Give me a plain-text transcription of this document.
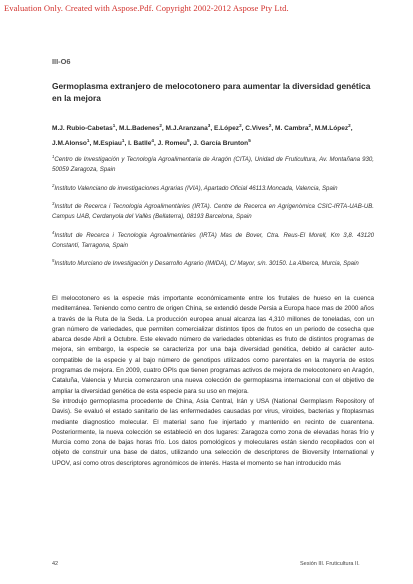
Evaluation Only. Created with Aspose.Pdf. Copyright 2002-2012 Aspose Pty Ltd.
III-O6
Germoplasma extranjero de melocotonero para aumentar la diversidad genética en la mejora
M.J. Rubio-Cabetas$^1$, M.L.Badenes$^2$, M.J.Aranzana$^3$, E.López$^2$, C.Vives$^2$, M. Cambra$^2$, M.M.López$^2$, J.M.Alonso$^1$, M.Espiau$^1$, I. Batlle$^4$, J. Romeu$^5$, J. García Brunton$^5$

$^1$Centro de Investigación y Tecnología Agroalimentaria de Aragón (CITA), Unidad de Fruticultura, Av. Montañana 930, 50059 Zaragoza, Spain

$^2$Instituto Valenciano de investigaciones Agrarias (IVIA), Apartado Oficial 46113.Moncada, Valencia, Spain

$^3$Institut de Recerca i Tecnologia Agroalimentàries (IRTA). Centre de Recerca en Agrigenòmica CSIC-IRTA-UAB-UB. Campus UAB, Cerdanyola del Vallès (Bellaterra), 08193 Barcelona, Spain

$^4$Institut de Recerca i Tecnologia Agroalimentàries (IRTA) Mas de Bover, Ctra. Reus-El Morell, Km 3,8. 43120 Constantí, Tarragona, Spain

$^5$Instituto Murciano de Investigación y Desarrollo Agrario (IMIDA), C/ Mayor, s/n. 30150. La Alberca, Murcia, Spain

El melocotonero es la especie más importante económicamente entre los frutales de hueso en la cuenca mediterránea. Teniendo como centro de origen China, se extendió desde Persia a Europa hace mas de 2000 años a través de la Ruta de la Seda. La producción europea anual alcanza las 4,310 millones de toneladas, con un gran número de variedades, que permiten comercializar distintos tipos de frutos en un periodo de cosecha que abarca desde Abril a Octubre. Este elevado número de variedades obtenidas es fruto de distintos programas de mejora, sin embargo, la especie se caracteriza por una baja diversidad genética, debido al carácter auto-compatible de la especie y al bajo número de genotipos utilizados como parentales en la mayoría de estos programas de mejora. En 2009, cuatro OPIs que tienen programas activos de mejora de melocotonero en Aragón, Cataluña, Valencia y Murcia comenzaron una nueva colección de germoplasma internacional con el objetivo de ampliar la diversidad genética de esta especie para su uso en mejora.

Se introdujo germoplasma procedente de China, Asia Central, Irán y USA (National Germplasm Repository of Davis). Se evaluó el estado sanitario de las enfermedades causadas por virus, viroides, bacterias y fitoplasmas mediante diagnostico molecular. El material sano fue injertado y mantenido en recinto de cuarentena. Posteriormente, la nueva colección se estableció en dos lugares: Zaragoza como zona de elevadas horas frío y Murcia como zona de bajas horas frío. Los datos pomológicos y moleculares están siendo recopilados con el objeto de construir una base de datos, utilizando una selección de descriptores de Bioversity International y UPOV, así como otros descriptores agronómicos de interés. Hasta el momento se han introducido más

42	Sesión III. Fruticultura II.
